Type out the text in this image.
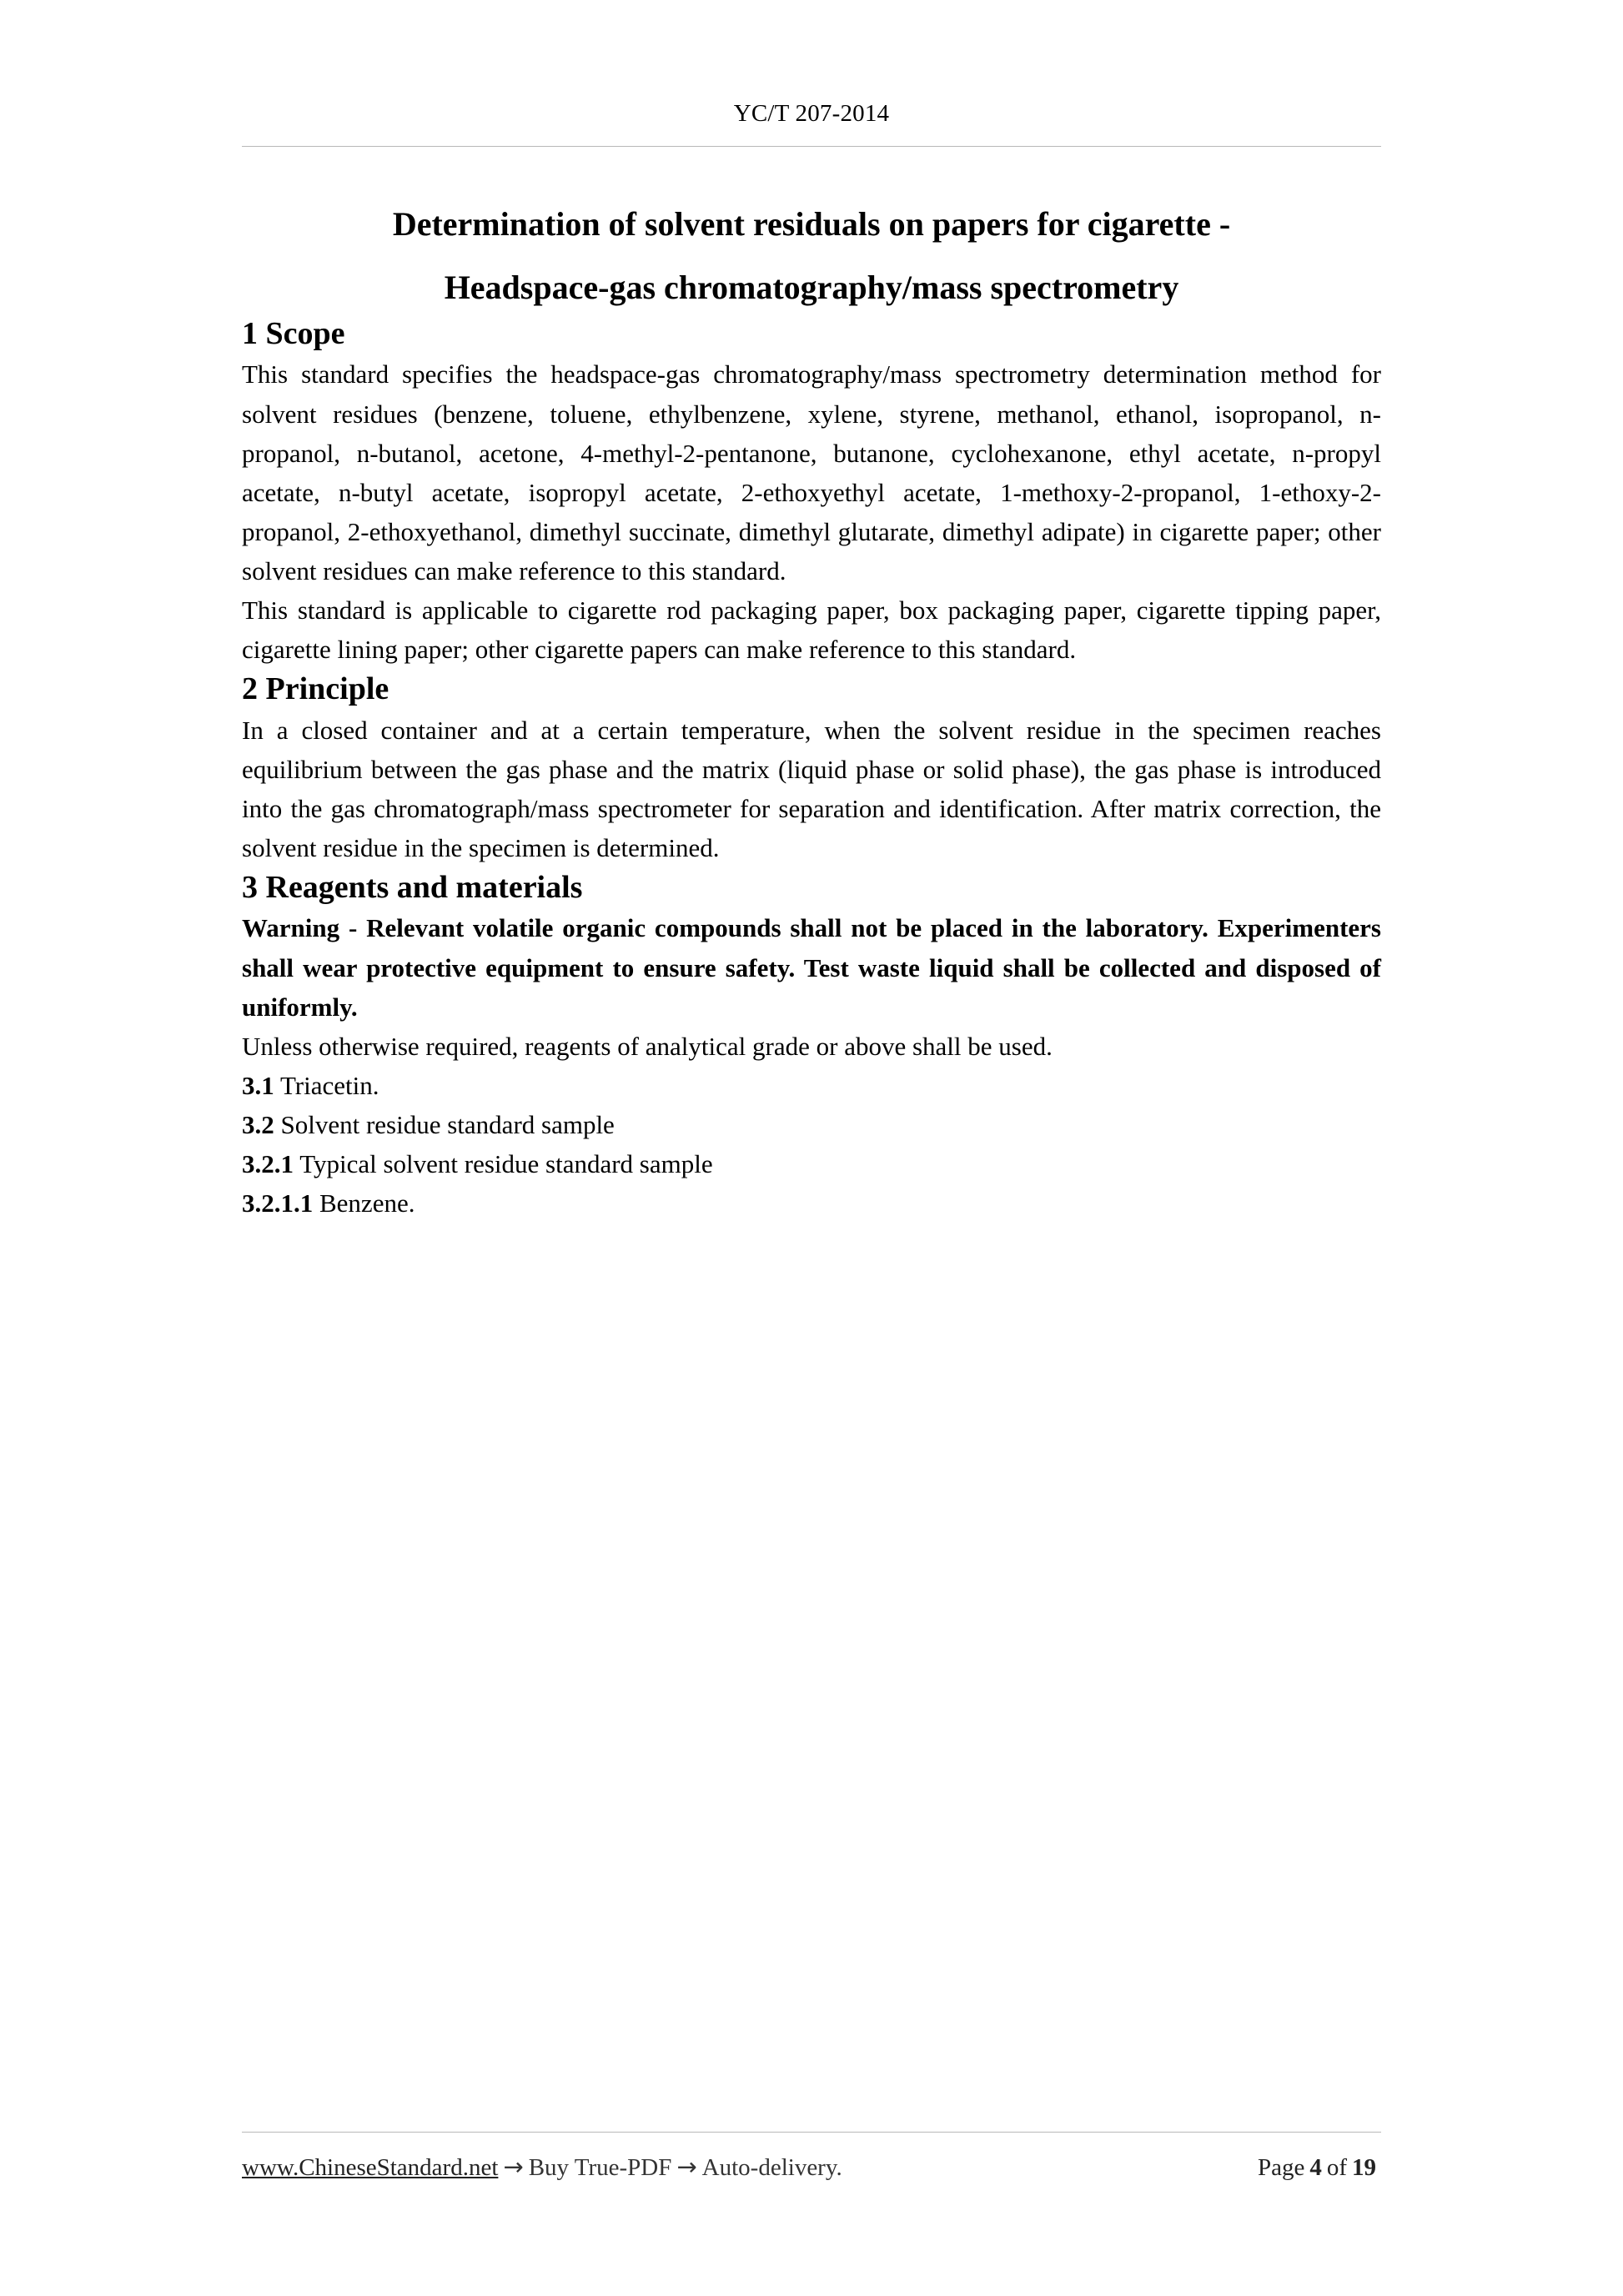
YC/T 207-2014
Determination of solvent residuals on papers for cigarette -
Headspace-gas chromatography/mass spectrometry
1 Scope

This standard specifies the headspace-gas chromatography/mass spectrometry determination method for solvent residues (benzene, toluene, ethylbenzene, xylene, styrene, methanol, ethanol, isopropanol, n-propanol, n-butanol, acetone, 4-methyl-2-pentanone, butanone, cyclohexanone, ethyl acetate, n-propyl acetate, n-butyl acetate, isopropyl acetate, 2-ethoxyethyl acetate, 1-methoxy-2-propanol, 1-ethoxy-2-propanol, 2-ethoxyethanol, dimethyl succinate, dimethyl glutarate, dimethyl adipate) in cigarette paper; other solvent residues can make reference to this standard.

This standard is applicable to cigarette rod packaging paper, box packaging paper, cigarette tipping paper, cigarette lining paper; other cigarette papers can make reference to this standard.

2 Principle

In a closed container and at a certain temperature, when the solvent residue in the specimen reaches equilibrium between the gas phase and the matrix (liquid phase or solid phase), the gas phase is introduced into the gas chromatograph/mass spectrometer for separation and identification. After matrix correction, the solvent residue in the specimen is determined.

3 Reagents and materials

Warning - Relevant volatile organic compounds shall not be placed in the laboratory. Experimenters shall wear protective equipment to ensure safety. Test waste liquid shall be collected and disposed of uniformly.

Unless otherwise required, reagents of analytical grade or above shall be used.

3.1 Triacetin.

3.2 Solvent residue standard sample

3.2.1 Typical solvent residue standard sample

3.2.1.1 Benzene.

www.ChineseStandard.net → Buy True-PDF → Auto-delivery.	Page 4 of 19
